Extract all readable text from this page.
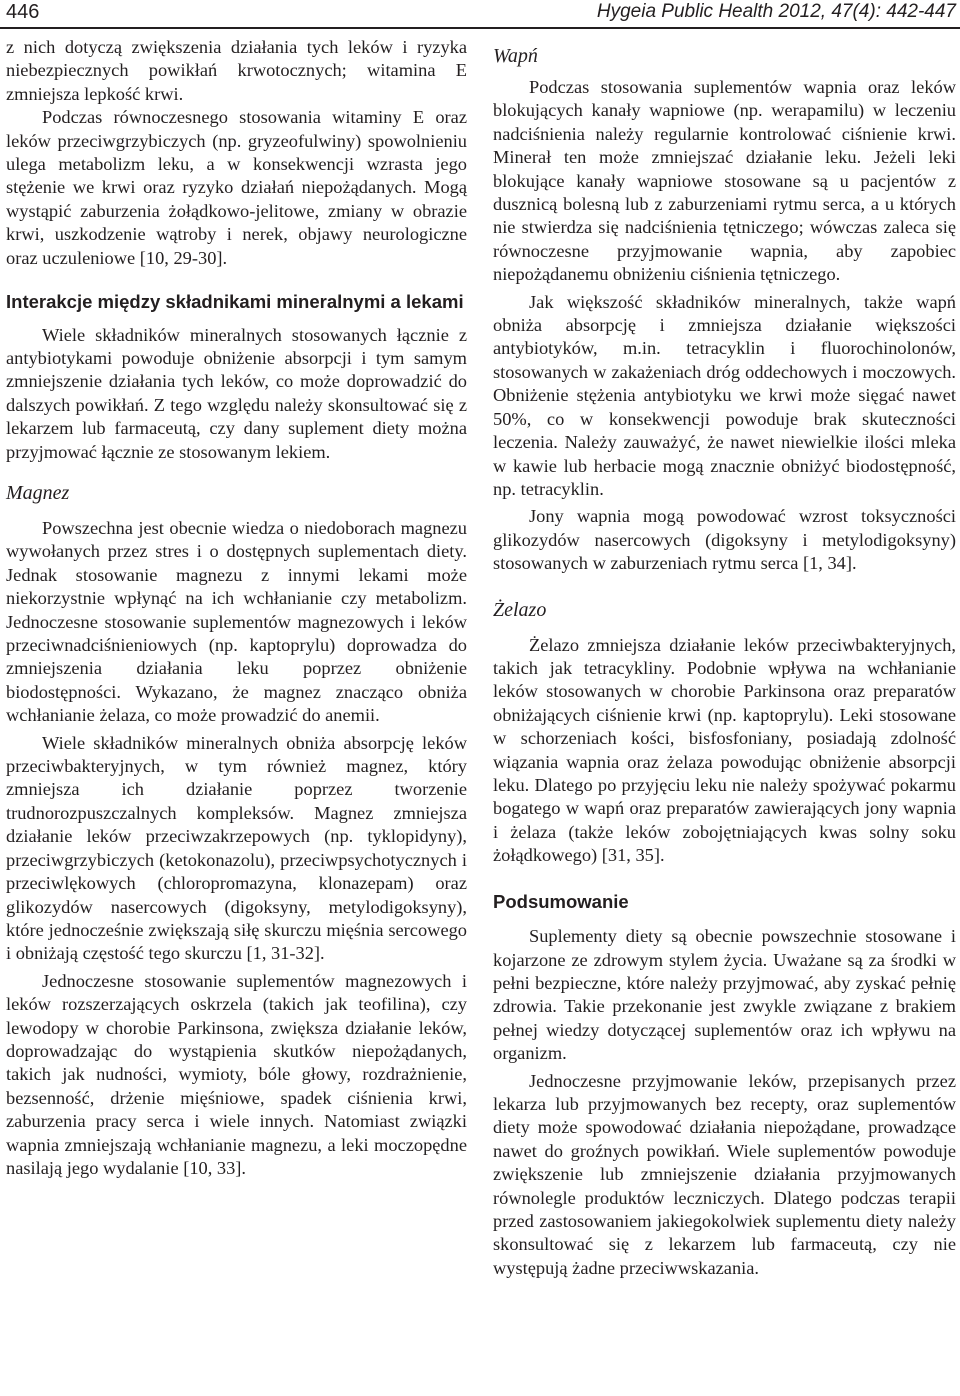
446	Hygeia Public Health 2012, 47(4): 442-447

z nich dotyczą zwiększenia działania tych leków i ryzyka niebezpiecznych powikłań krwotocznych; witamina E zmniejsza lepkość krwi.

Podczas równoczesnego stosowania witaminy E oraz leków przeciwgrzybiczych (np. gryzeofulwiny) spowolnieniu ulega metabolizm leku, a w konsekwencji wzrasta jego stężenie we krwi oraz ryzyko działań niepożądanych. Mogą wystąpić zaburzenia żołądkowo-jelitowe, zmiany w obrazie krwi, uszkodzenie wątroby i nerek, objawy neurologiczne oraz uczuleniowe [10, 29-30].

Interakcje między składnikami mineralnymi a lekami

Wiele składników mineralnych stosowanych łącznie z antybiotykami powoduje obniżenie absorpcji i tym samym zmniejszenie działania tych leków, co może doprowadzić do dalszych powikłań. Z tego względu należy skonsultować się z lekarzem lub farmaceutą, czy dany suplement diety można przyjmować łącznie ze stosowanym lekiem.

Magnez

Powszechna jest obecnie wiedza o niedoborach magnezu wywołanych przez stres i o dostępnych suplementach diety. Jednak stosowanie magnezu z innymi lekami może niekorzystnie wpłynąć na ich wchłanianie czy metabolizm. Jednoczesne stosowanie suplementów magnezowych i leków przeciwnadciśnieniowych (np. kaptoprylu) doprowadza do zmniejszenia działania leku poprzez obniżenie biodostępności. Wykazano, że magnez znacząco obniża wchłanianie żelaza, co może prowadzić do anemii.

Wiele składników mineralnych obniża absorpcję leków przeciwbakteryjnych, w tym również magnez, który zmniejsza ich działanie poprzez tworzenie trudnorozpuszczalnych kompleksów. Magnez zmniejsza działanie leków przeciwzakrzepowych (np. tyklopidyny), przeciwgrzybiczych (ketokonazolu), przeciwpsychotycznych i przeciwlękowych (chloropromazyna, klonazepam) oraz glikozydów nasercowych (digoksyny, metylodigoksyny), które jednocześnie zwiększają siłę skurczu mięśnia sercowego i obniżają częstość tego skurczu [1, 31-32].

Jednoczesne stosowanie suplementów magnezowych i leków rozszerzających oskrzela (takich jak teofilina), czy lewodopy w chorobie Parkinsona, zwiększa działanie leków, doprowadzając do wystąpienia skutków niepożądanych, takich jak nudności, wymioty, bóle głowy, rozdrażnienie, bezsenność, drżenie mięśniowe, spadek ciśnienia krwi, zaburzenia pracy serca i wiele innych. Natomiast związki wapnia zmniejszają wchłanianie magnezu, a leki moczopędne nasilają jego wydalanie [10, 33].

Wapń

Podczas stosowania suplementów wapnia oraz leków blokujących kanały wapniowe (np. werapamilu) w leczeniu nadciśnienia należy regularnie kontrolować ciśnienie krwi. Minerał ten może zmniejszać działanie leku. Jeżeli leki blokujące kanały wapniowe stosowane są u pacjentów z dusznicą bolesną lub z zaburzeniami rytmu serca, a u których nie stwierdza się nadciśnienia tętniczego; wówczas zaleca się równoczesne przyjmowanie wapnia, aby zapobiec niepożądanemu obniżeniu ciśnienia tętniczego.

Jak większość składników mineralnych, także wapń obniża absorpcję i zmniejsza działanie większości antybiotyków, m.in. tetracyklin i fluorochinolonów, stosowanych w zakażeniach dróg oddechowych i moczowych. Obniżenie stężenia antybiotyku we krwi może sięgać nawet 50%, co w konsekwencji powoduje brak skuteczności leczenia. Należy zauważyć, że nawet niewielkie ilości mleka w kawie lub herbacie mogą znacznie obniżyć biodostępność, np. tetracyklin.

Jony wapnia mogą powodować wzrost toksyczności glikozydów nasercowych (digoksyny i metylodigoksyny) stosowanych w zaburzeniach rytmu serca [1, 34].

Żelazo

Żelazo zmniejsza działanie leków przeciwbakteryjnych, takich jak tetracykliny. Podobnie wpływa na wchłanianie leków stosowanych w chorobie Parkinsona oraz preparatów obniżających ciśnienie krwi (np. kaptoprylu). Leki stosowane w schorzeniach kości, bisfosfoniany, posiadają zdolność wiązania wapnia oraz żelaza powodując obniżenie absorpcji leku. Dlatego po przyjęciu leku nie należy spożywać pokarmu bogatego w wapń oraz preparatów zawierających jony wapnia i żelaza (także leków zobojętniających kwas solny soku żołądkowego) [31, 35].

Podsumowanie

Suplementy diety są obecnie powszechnie stosowane i kojarzone ze zdrowym stylem życia. Uważane są za środki w pełni bezpieczne, które należy przyjmować, aby zyskać pełnię zdrowia. Takie przekonanie jest zwykle związane z brakiem pełnej wiedzy dotyczącej suplementów oraz ich wpływu na organizm.

Jednoczesne przyjmowanie leków, przepisanych przez lekarza lub przyjmowanych bez recepty, oraz suplementów diety może spowodować działania niepożądane, prowadzące nawet do groźnych powikłań. Wiele suplementów powoduje zwiększenie lub zmniejszenie działania przyjmowanych równolegle produktów leczniczych. Dlatego podczas terapii przed zastosowaniem jakiegokolwiek suplementu diety należy skonsultować się z lekarzem lub farmaceutą, czy nie występują żadne przeciwwskazania.
